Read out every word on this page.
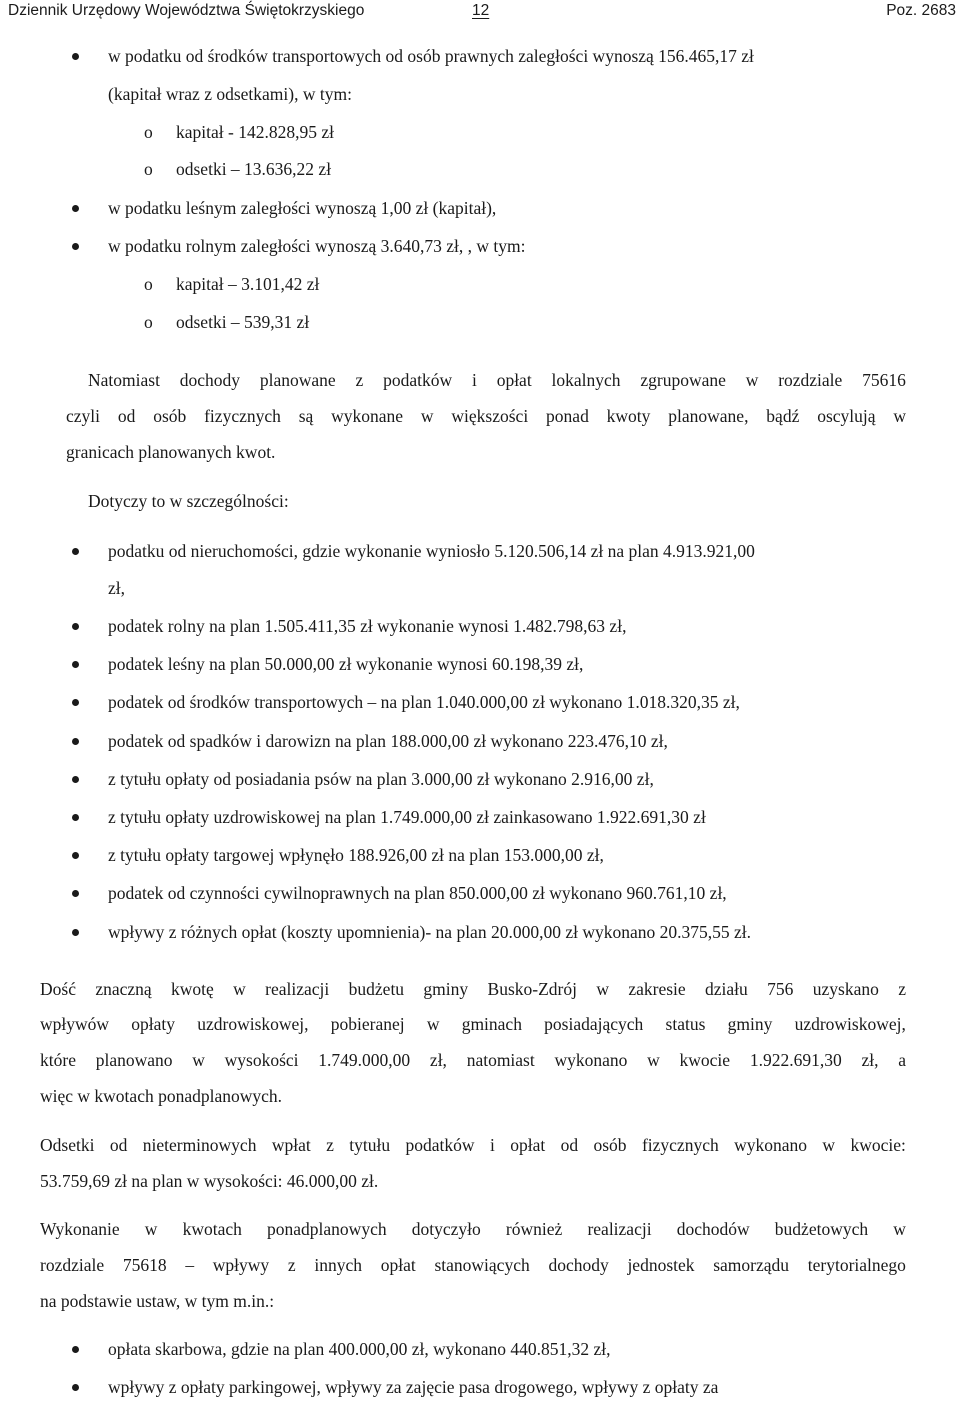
Dziennik Urzędowy Województwa Świętokrzyskiego	12	Poz. 2683
w podatku od środków transportowych od osób prawnych zaległości wynoszą 156.465,17 zł
(kapitał wraz z odsetkami), w tym:
o kapitał - 142.828,95 zł
o odsetki – 13.636,22 zł
w podatku leśnym zaległości wynoszą 1,00 zł (kapitał),
w podatku rolnym zaległości wynoszą 3.640,73 zł, , w tym:
o kapitał – 3.101,42 zł
o odsetki – 539,31 zł
Natomiast dochody planowane z podatków i opłat lokalnych zgrupowane w rozdziale 75616
czyli od osób fizycznych są wykonane w większości ponad kwoty planowane, bądź oscylują w
granicach planowanych kwot.
Dotyczy to w szczególności:
podatku od nieruchomości, gdzie wykonanie wyniosło 5.120.506,14 zł na plan 4.913.921,00
zł,
podatek rolny na plan 1.505.411,35 zł wykonanie wynosi 1.482.798,63 zł,
podatek leśny na plan 50.000,00 zł wykonanie wynosi 60.198,39 zł,
podatek od środków transportowych – na plan 1.040.000,00 zł wykonano 1.018.320,35 zł,
podatek od spadków i darowizn na plan 188.000,00 zł wykonano 223.476,10 zł,
z tytułu opłaty od posiadania psów na plan 3.000,00 zł wykonano 2.916,00 zł,
z tytułu opłaty uzdrowiskowej na plan 1.749.000,00 zł zainkasowano 1.922.691,30 zł
z tytułu opłaty targowej wpłynęło 188.926,00 zł na plan 153.000,00 zł,
podatek od czynności cywilnoprawnych na plan 850.000,00 zł wykonano 960.761,10 zł,
wpływy z różnych opłat (koszty upomnienia)- na plan 20.000,00 zł wykonano 20.375,55 zł.
Dość znaczną kwotę w realizacji budżetu gminy Busko-Zdrój w zakresie działu 756 uzyskano z
wpływów opłaty uzdrowiskowej, pobieranej w gminach posiadających status gminy uzdrowiskowej,
które planowano w wysokości 1.749.000,00 zł, natomiast wykonano w kwocie 1.922.691,30 zł, a
więc w kwotach ponadplanowych.
Odsetki od nieterminowych wpłat z tytułu podatków i opłat od osób fizycznych wykonano w kwocie:
53.759,69 zł na plan w wysokości: 46.000,00 zł.
Wykonanie w kwotach ponadplanowych dotyczyło również realizacji dochodów budżetowych w
rozdziale 75618 – wpływy z innych opłat stanowiących dochody jednostek samorządu terytorialnego
na podstawie ustaw, w tym m.in.:
opłata skarbowa, gdzie na plan 400.000,00 zł, wykonano 440.851,32 zł,
wpływy z opłaty parkingowej, wpływy za zajęcie pasa drogowego, wpływy z opłaty za
